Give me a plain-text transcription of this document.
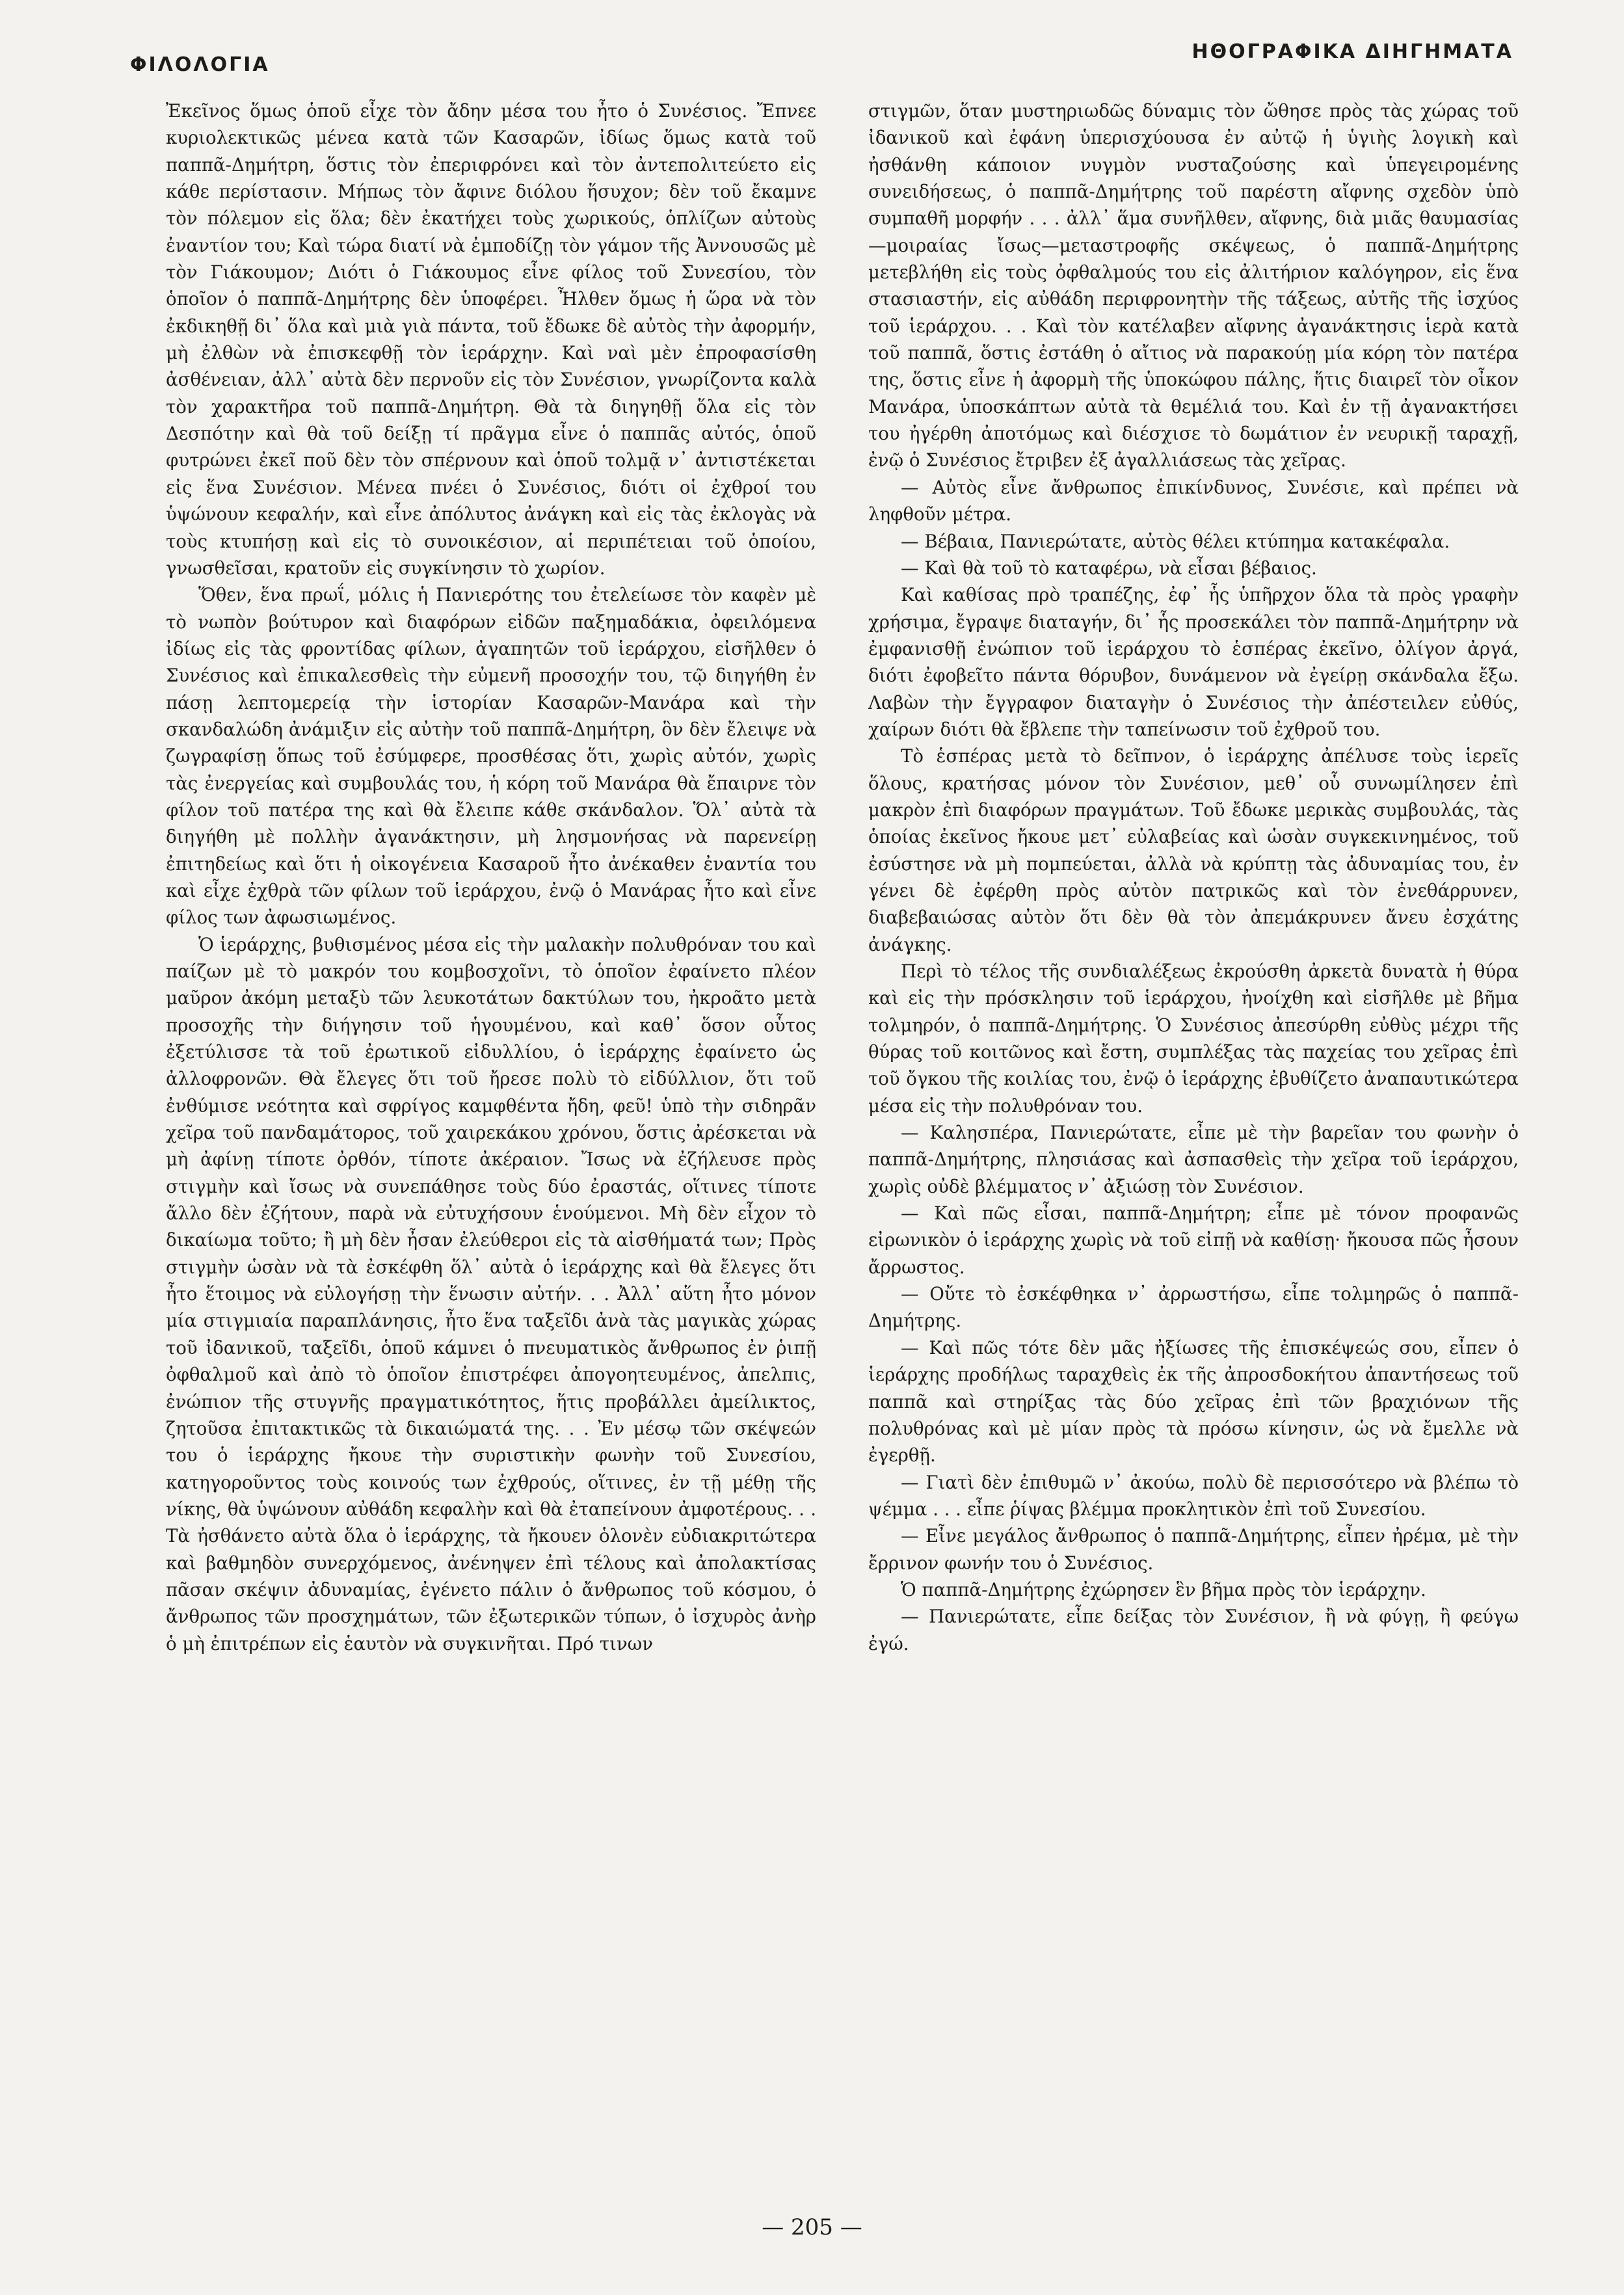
ΦΙΛΟΛΟΓΙΑ
ΗΘΟΓΡΑΦΙΚΑ ΔΙΗΓΗΜΑΤΑ

Ἐκεῖνος ὅμως ὁποῦ εἶχε τὸν ἄδην μέσα του ἦτο ὁ Συνέσιος. Ἔπνεε κυριολεκτικῶς μένεα κατὰ τῶν Κασαρῶν, ἰδίως ὅμως κατὰ τοῦ παππᾶ-Δημήτρη, ὅστις τὸν ἐπεριφρόνει καὶ τὸν ἀντεπολιτεύετο εἰς κάθε περίστασιν. Μήπως τὸν ἄφινε διόλου ἥσυχον; δὲν τοῦ ἔκαμνε τὸν πόλεμον εἰς ὅλα; δὲν ἐκατήχει τοὺς χωρικούς, ὁπλίζων αὐτοὺς ἐναντίον του; Καὶ τώρα διατί νὰ ἐμποδίζῃ τὸν γάμον τῆς Ἀννουσῶς μὲ τὸν Γιάκουμον; Διότι ὁ Γιάκουμος εἶνε φίλος τοῦ Συνεσίου, τὸν ὁποῖον ὁ παππᾶ-Δημήτρης δὲν ὑποφέρει. Ἦλθεν ὅμως ἡ ὥρα νὰ τὸν ἐκδικηθῇ δι᾽ ὅλα καὶ μιὰ γιὰ πάντα, τοῦ ἔδωκε δὲ αὐτὸς τὴν ἀφορμήν, μὴ ἐλθὼν νὰ ἐπισκεφθῇ τὸν ἱεράρχην. Καὶ ναὶ μὲν ἐπροφασίσθη ἀσθένειαν, ἀλλ᾽ αὐτὰ δὲν περνοῦν εἰς τὸν Συνέσιον, γνωρίζοντα καλὰ τὸν χαρακτῆρα τοῦ παππᾶ-Δημήτρη. Θὰ τὰ διηγηθῇ ὅλα εἰς τὸν Δεσπότην καὶ θὰ τοῦ δείξῃ τί πρᾶγμα εἶνε ὁ παππᾶς αὐτός, ὁποῦ φυτρώνει ἐκεῖ ποῦ δὲν τὸν σπέρνουν καὶ ὁποῦ τολμᾷ ν᾽ ἀντιστέκεται εἰς ἕνα Συνέσιον. Μένεα πνέει ὁ Συνέσιος, διότι οἱ ἐχθροί του ὑψώνουν κεφαλήν, καὶ εἶνε ἀπόλυτος ἀνάγκη καὶ εἰς τὰς ἐκλογὰς νὰ τοὺς κτυπήσῃ καὶ εἰς τὸ συνοικέσιον, αἱ περιπέτειαι τοῦ ὁποίου, γνωσθεῖσαι, κρατοῦν εἰς συγκίνησιν τὸ χωρίον.

Ὅθεν, ἕνα πρωΐ, μόλις ἡ Πανιερότης του ἐτελείωσε τὸν καφὲν μὲ τὸ νωπὸν βούτυρον καὶ διαφόρων εἰδῶν παξημαδάκια, ὀφειλόμενα ἰδίως εἰς τὰς φροντίδας φίλων, ἀγαπητῶν τοῦ ἱεράρχου, εἰσῆλθεν ὁ Συνέσιος καὶ ἐπικαλεσθεὶς τὴν εὐμενῆ προσοχήν του, τῷ διηγήθη ἐν πάσῃ λεπτομερείᾳ τὴν ἱστορίαν Κασαρῶν-Μανάρα καὶ τὴν σκανδαλώδη ἀνάμιξιν εἰς αὐτὴν τοῦ παππᾶ-Δημήτρη, ὃν δὲν ἔλειψε νὰ ζωγραφίσῃ ὅπως τοῦ ἐσύμφερε, προσθέσας ὅτι, χωρὶς αὐτόν, χωρὶς τὰς ἐνεργείας καὶ συμβουλάς του, ἡ κόρη τοῦ Μανάρα θὰ ἔπαιρνε τὸν φίλον τοῦ πατέρα της καὶ θὰ ἔλειπε κάθε σκάνδαλον. Ὅλ᾽ αὐτὰ τὰ διηγήθη μὲ πολλὴν ἀγανάκτησιν, μὴ λησμονήσας νὰ παρενείρῃ ἐπιτηδείως καὶ ὅτι ἡ οἰκογένεια Κασαροῦ ἦτο ἀνέκαθεν ἐναντία του καὶ εἶχε ἐχθρὰ τῶν φίλων τοῦ ἱεράρχου, ἐνῷ ὁ Μανάρας ἦτο καὶ εἶνε φίλος των ἀφωσιωμένος.

Ὁ ἱεράρχης, βυθισμένος μέσα εἰς τὴν μαλακὴν πολυθρόναν του καὶ παίζων μὲ τὸ μακρόν του κομβοσχοῖνι, τὸ ὁποῖον ἐφαίνετο πλέον μαῦρον ἀκόμη μεταξὺ τῶν λευκοτάτων δακτύλων του, ἠκροᾶτο μετὰ προσοχῆς τὴν διήγησιν τοῦ ἡγουμένου, καὶ καθ᾽ ὅσον οὗτος ἐξετύλισσε τὰ τοῦ ἐρωτικοῦ εἰδυλλίου, ὁ ἱεράρχης ἐφαίνετο ὡς ἀλλοφρονῶν. Θὰ ἔλεγες ὅτι τοῦ ἤρεσε πολὺ τὸ εἰδύλλιον, ὅτι τοῦ ἐνθύμισε νεότητα καὶ σφρίγος καμφθέντα ἤδη, φεῦ! ὑπὸ τὴν σιδηρᾶν χεῖρα τοῦ πανδαμάτορος, τοῦ χαιρεκάκου χρόνου, ὅστις ἀρέσκεται νὰ μὴ ἀφίνῃ τίποτε ὀρθόν, τίποτε ἀκέραιον. Ἴσως νὰ ἐζήλευσε πρὸς στιγμὴν καὶ ἴσως νὰ συνεπάθησε τοὺς δύο ἐραστάς, οἵτινες τίποτε ἄλλο δὲν ἐζήτουν, παρὰ νὰ εὐτυχήσουν ἑνούμενοι. Μὴ δὲν εἶχον τὸ δικαίωμα τοῦτο; ἢ μὴ δὲν ἦσαν ἐλεύθεροι εἰς τὰ αἰσθήματά των; Πρὸς στιγμὴν ὡσὰν νὰ τὰ ἐσκέφθη ὅλ᾽ αὐτὰ ὁ ἱεράρχης καὶ θὰ ἔλεγες ὅτι ἦτο ἕτοιμος νὰ εὐλογήσῃ τὴν ἕνωσιν αὐτήν. . . Ἀλλ᾽ αὕτη ἦτο μόνον μία στιγμιαία παραπλάνησις, ἦτο ἕνα ταξεῖδι ἀνὰ τὰς μαγικὰς χώρας τοῦ ἰδανικοῦ, ταξεῖδι, ὁποῦ κάμνει ὁ πνευματικὸς ἄνθρωπος ἐν ῥιπῇ ὀφθαλμοῦ καὶ ἀπὸ τὸ ὁποῖον ἐπιστρέφει ἀπογοητευμένος, ἀπελπις, ἐνώπιον τῆς στυγνῆς πραγματικότητος, ἥτις προβάλλει ἀμείλικτος, ζητοῦσα ἐπιτακτικῶς τὰ δικαιώματά της. . . Ἐν μέσῳ τῶν σκέψεών του ὁ ἱεράρχης ἤκουε τὴν συριστικὴν φωνὴν τοῦ Συνεσίου, κατηγοροῦντος τοὺς κοινούς των ἐχθρούς, οἵτινες, ἐν τῇ μέθῃ τῆς νίκης, θὰ ὑψώνουν αὐθάδη κεφαλὴν καὶ θὰ ἐταπείνουν ἀμφοτέρους. . . Τὰ ἠσθάνετο αὐτὰ ὅλα ὁ ἱεράρχης, τὰ ἤκουεν ὁλονὲν εὐδιακριτώτερα καὶ βαθμηδὸν συνερχόμενος, ἀνένηψεν ἐπὶ τέλους καὶ ἀπολακτίσας πᾶσαν σκέψιν ἀδυναμίας, ἐγένετο πάλιν ὁ ἄνθρωπος τοῦ κόσμου, ὁ ἄνθρωπος τῶν προσχημάτων, τῶν ἐξωτερικῶν τύπων, ὁ ἰσχυρὸς ἀνὴρ ὁ μὴ ἐπιτρέπων εἰς ἑαυτὸν νὰ συγκινῆται. Πρό τινων

στιγμῶν, ὅταν μυστηριωδῶς δύναμις τὸν ὤθησε πρὸς τὰς χώρας τοῦ ἰδανικοῦ καὶ ἐφάνη ὑπερισχύουσα ἐν αὐτῷ ἡ ὑγιὴς λογικὴ καὶ ἠσθάνθη κάποιον νυγμὸν νυσταζούσης καὶ ὑπεγειρομένης συνειδήσεως, ὁ παππᾶ-Δημήτρης τοῦ παρέστη αἴφνης σχεδὸν ὑπὸ συμπαθῆ μορφήν . . . ἀλλ᾽ ἅμα συνῆλθεν, αἴφνης, διὰ μιᾶς θαυμασίας—μοιραίας ἴσως—μεταστροφῆς σκέψεως, ὁ παππᾶ-Δημήτρης μετεβλήθη εἰς τοὺς ὀφθαλμούς του εἰς ἀλιτήριον καλόγηρον, εἰς ἕνα στασιαστήν, εἰς αὐθάδη περιφρονητὴν τῆς τάξεως, αὐτῆς τῆς ἰσχύος τοῦ ἱεράρχου. . . Καὶ τὸν κατέλαβεν αἴφνης ἀγανάκτησις ἱερὰ κατὰ τοῦ παππᾶ, ὅστις ἐστάθη ὁ αἴτιος νὰ παρακούῃ μία κόρη τὸν πατέρα της, ὅστις εἶνε ἡ ἀφορμὴ τῆς ὑποκώφου πάλης, ἥτις διαιρεῖ τὸν οἶκον Μανάρα, ὑποσκάπτων αὐτὰ τὰ θεμέλιά του. Καὶ ἐν τῇ ἀγανακτήσει του ἠγέρθη ἀποτόμως καὶ διέσχισε τὸ δωμάτιον ἐν νευρικῇ ταραχῇ, ἐνῷ ὁ Συνέσιος ἔτριβεν ἐξ ἀγαλλιάσεως τὰς χεῖρας.

— Αὐτὸς εἶνε ἄνθρωπος ἐπικίνδυνος, Συνέσιε, καὶ πρέπει νὰ ληφθοῦν μέτρα.

— Βέβαια, Πανιερώτατε, αὐτὸς θέλει κτύπημα κατακέφαλα.

— Καὶ θὰ τοῦ τὸ καταφέρω, νὰ εἶσαι βέβαιος.

Καὶ καθίσας πρὸ τραπέζης, ἐφ᾽ ἧς ὑπῆρχον ὅλα τὰ πρὸς γραφὴν χρήσιμα, ἔγραψε διαταγήν, δι᾽ ἧς προσεκάλει τὸν παππᾶ-Δημήτρην νὰ ἐμφανισθῇ ἐνώπιον τοῦ ἱεράρχου τὸ ἑσπέρας ἐκεῖνο, ὀλίγον ἀργά, διότι ἐφοβεῖτο πάντα θόρυβον, δυνάμενον νὰ ἐγείρῃ σκάνδαλα ἔξω. Λαβὼν τὴν ἔγγραφον διαταγὴν ὁ Συνέσιος τὴν ἀπέστειλεν εὐθύς, χαίρων διότι θὰ ἔβλεπε τὴν ταπείνωσιν τοῦ ἐχθροῦ του.

Τὸ ἑσπέρας μετὰ τὸ δεῖπνον, ὁ ἱεράρχης ἀπέλυσε τοὺς ἱερεῖς ὅλους, κρατήσας μόνον τὸν Συνέσιον, μεθ᾽ οὗ συνωμίλησεν ἐπὶ μακρὸν ἐπὶ διαφόρων πραγμάτων. Τοῦ ἔδωκε μερικὰς συμβουλάς, τὰς ὁποίας ἐκεῖνος ἤκουε μετ᾽ εὐλαβείας καὶ ὡσὰν συγκεκινημένος, τοῦ ἐσύστησε νὰ μὴ πομπεύεται, ἀλλὰ νὰ κρύπτῃ τὰς ἀδυναμίας του, ἐν γένει δὲ ἐφέρθη πρὸς αὐτὸν πατρικῶς καὶ τὸν ἐνεθάρρυνεν, διαβεβαιώσας αὐτὸν ὅτι δὲν θὰ τὸν ἀπεμάκρυνεν ἄνευ ἐσχάτης ἀνάγκης.

Περὶ τὸ τέλος τῆς συνδιαλέξεως ἐκρούσθη ἀρκετὰ δυνατὰ ἡ θύρα καὶ εἰς τὴν πρόσκλησιν τοῦ ἱεράρχου, ἠνοίχθη καὶ εἰσῆλθε μὲ βῆμα τολμηρόν, ὁ παππᾶ-Δημήτρης. Ὁ Συνέσιος ἀπεσύρθη εὐθὺς μέχρι τῆς θύρας τοῦ κοιτῶνος καὶ ἔστη, συμπλέξας τὰς παχείας του χεῖρας ἐπὶ τοῦ ὄγκου τῆς κοιλίας του, ἐνῷ ὁ ἱεράρχης ἐβυθίζετο ἀναπαυτικώτερα μέσα εἰς τὴν πολυθρόναν του.

— Καλησπέρα, Πανιερώτατε, εἶπε μὲ τὴν βαρεῖαν του φωνὴν ὁ παππᾶ-Δημήτρης, πλησιάσας καὶ ἀσπασθεὶς τὴν χεῖρα τοῦ ἱεράρχου, χωρὶς οὐδὲ βλέμματος ν᾽ ἀξιώσῃ τὸν Συνέσιον.

— Καὶ πῶς εἶσαι, παππᾶ-Δημήτρη; εἶπε μὲ τόνον προφανῶς εἰρωνικὸν ὁ ἱεράρχης χωρὶς νὰ τοῦ εἰπῇ νὰ καθίσῃ· ἤκουσα πῶς ἦσουν ἄρρωστος.

— Οὔτε τὸ ἐσκέφθηκα ν᾽ ἀρρωστήσω, εἶπε τολμηρῶς ὁ παππᾶ-Δημήτρης.

— Καὶ πῶς τότε δὲν μᾶς ἠξίωσες τῆς ἐπισκέψεώς σου, εἶπεν ὁ ἱεράρχης προδήλως ταραχθεὶς ἐκ τῆς ἀπροσδοκήτου ἀπαντήσεως τοῦ παππᾶ καὶ στηρίξας τὰς δύο χεῖρας ἐπὶ τῶν βραχιόνων τῆς πολυθρόνας καὶ μὲ μίαν πρὸς τὰ πρόσω κίνησιν, ὡς νὰ ἔμελλε νὰ ἐγερθῇ.

— Γιατὶ δὲν ἐπιθυμῶ ν᾽ ἀκούω, πολὺ δὲ περισσότερο νὰ βλέπω τὸ ψέμμα . . . εἶπε ῥίψας βλέμμα προκλητικὸν ἐπὶ τοῦ Συνεσίου.

— Εἶνε μεγάλος ἄνθρωπος ὁ παππᾶ-Δημήτρης, εἶπεν ἠρέμα, μὲ τὴν ἔρρινον φωνήν του ὁ Συνέσιος.

Ὁ παππᾶ-Δημήτρης ἐχώρησεν ἓν βῆμα πρὸς τὸν ἱεράρχην.

— Πανιερώτατε, εἶπε δείξας τὸν Συνέσιον, ἢ νὰ φύγῃ, ἢ φεύγω ἐγώ.

— 205 —
